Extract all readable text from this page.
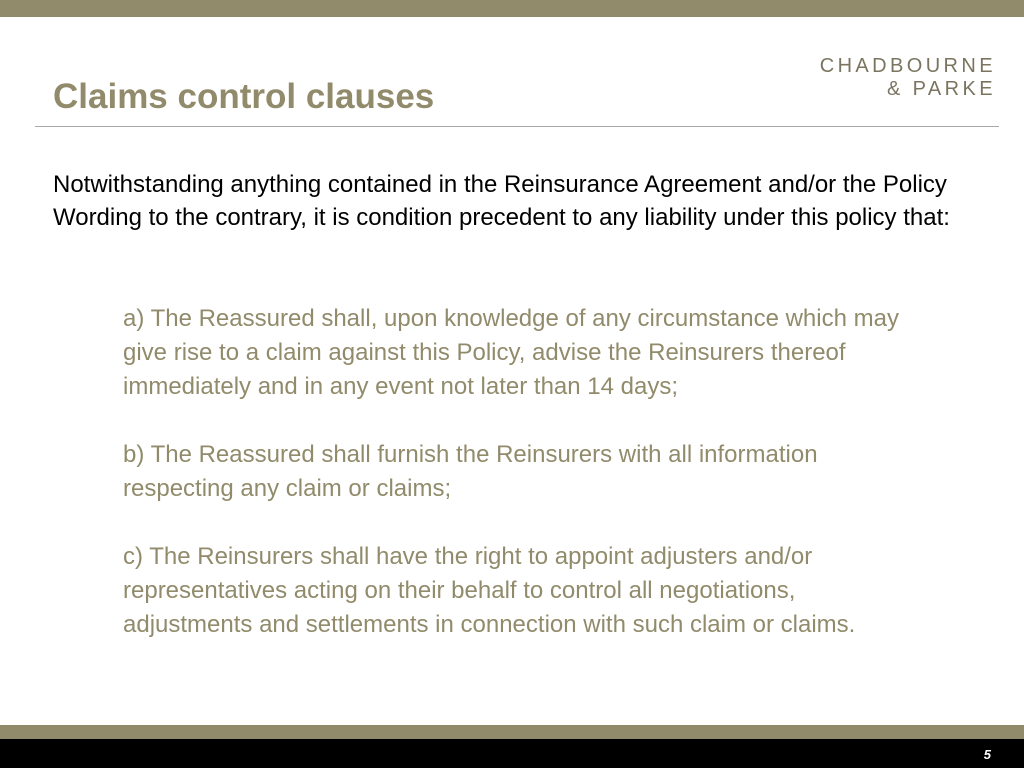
CHADBOURNE
& PARKE
Claims control clauses

Notwithstanding anything contained in the Reinsurance Agreement and/or the Policy Wording to the contrary, it is condition precedent to any liability under this policy that:

a) The Reassured shall, upon knowledge of any circumstance which may give rise to a claim against this Policy, advise the Reinsurers thereof immediately and in any event not later than 14 days;

b) The Reassured shall furnish the Reinsurers with all information respecting any claim or claims;

c) The Reinsurers shall have the right to appoint adjusters and/or representatives acting on their behalf to control all negotiations, adjustments and settlements in connection with such claim or claims.

5
